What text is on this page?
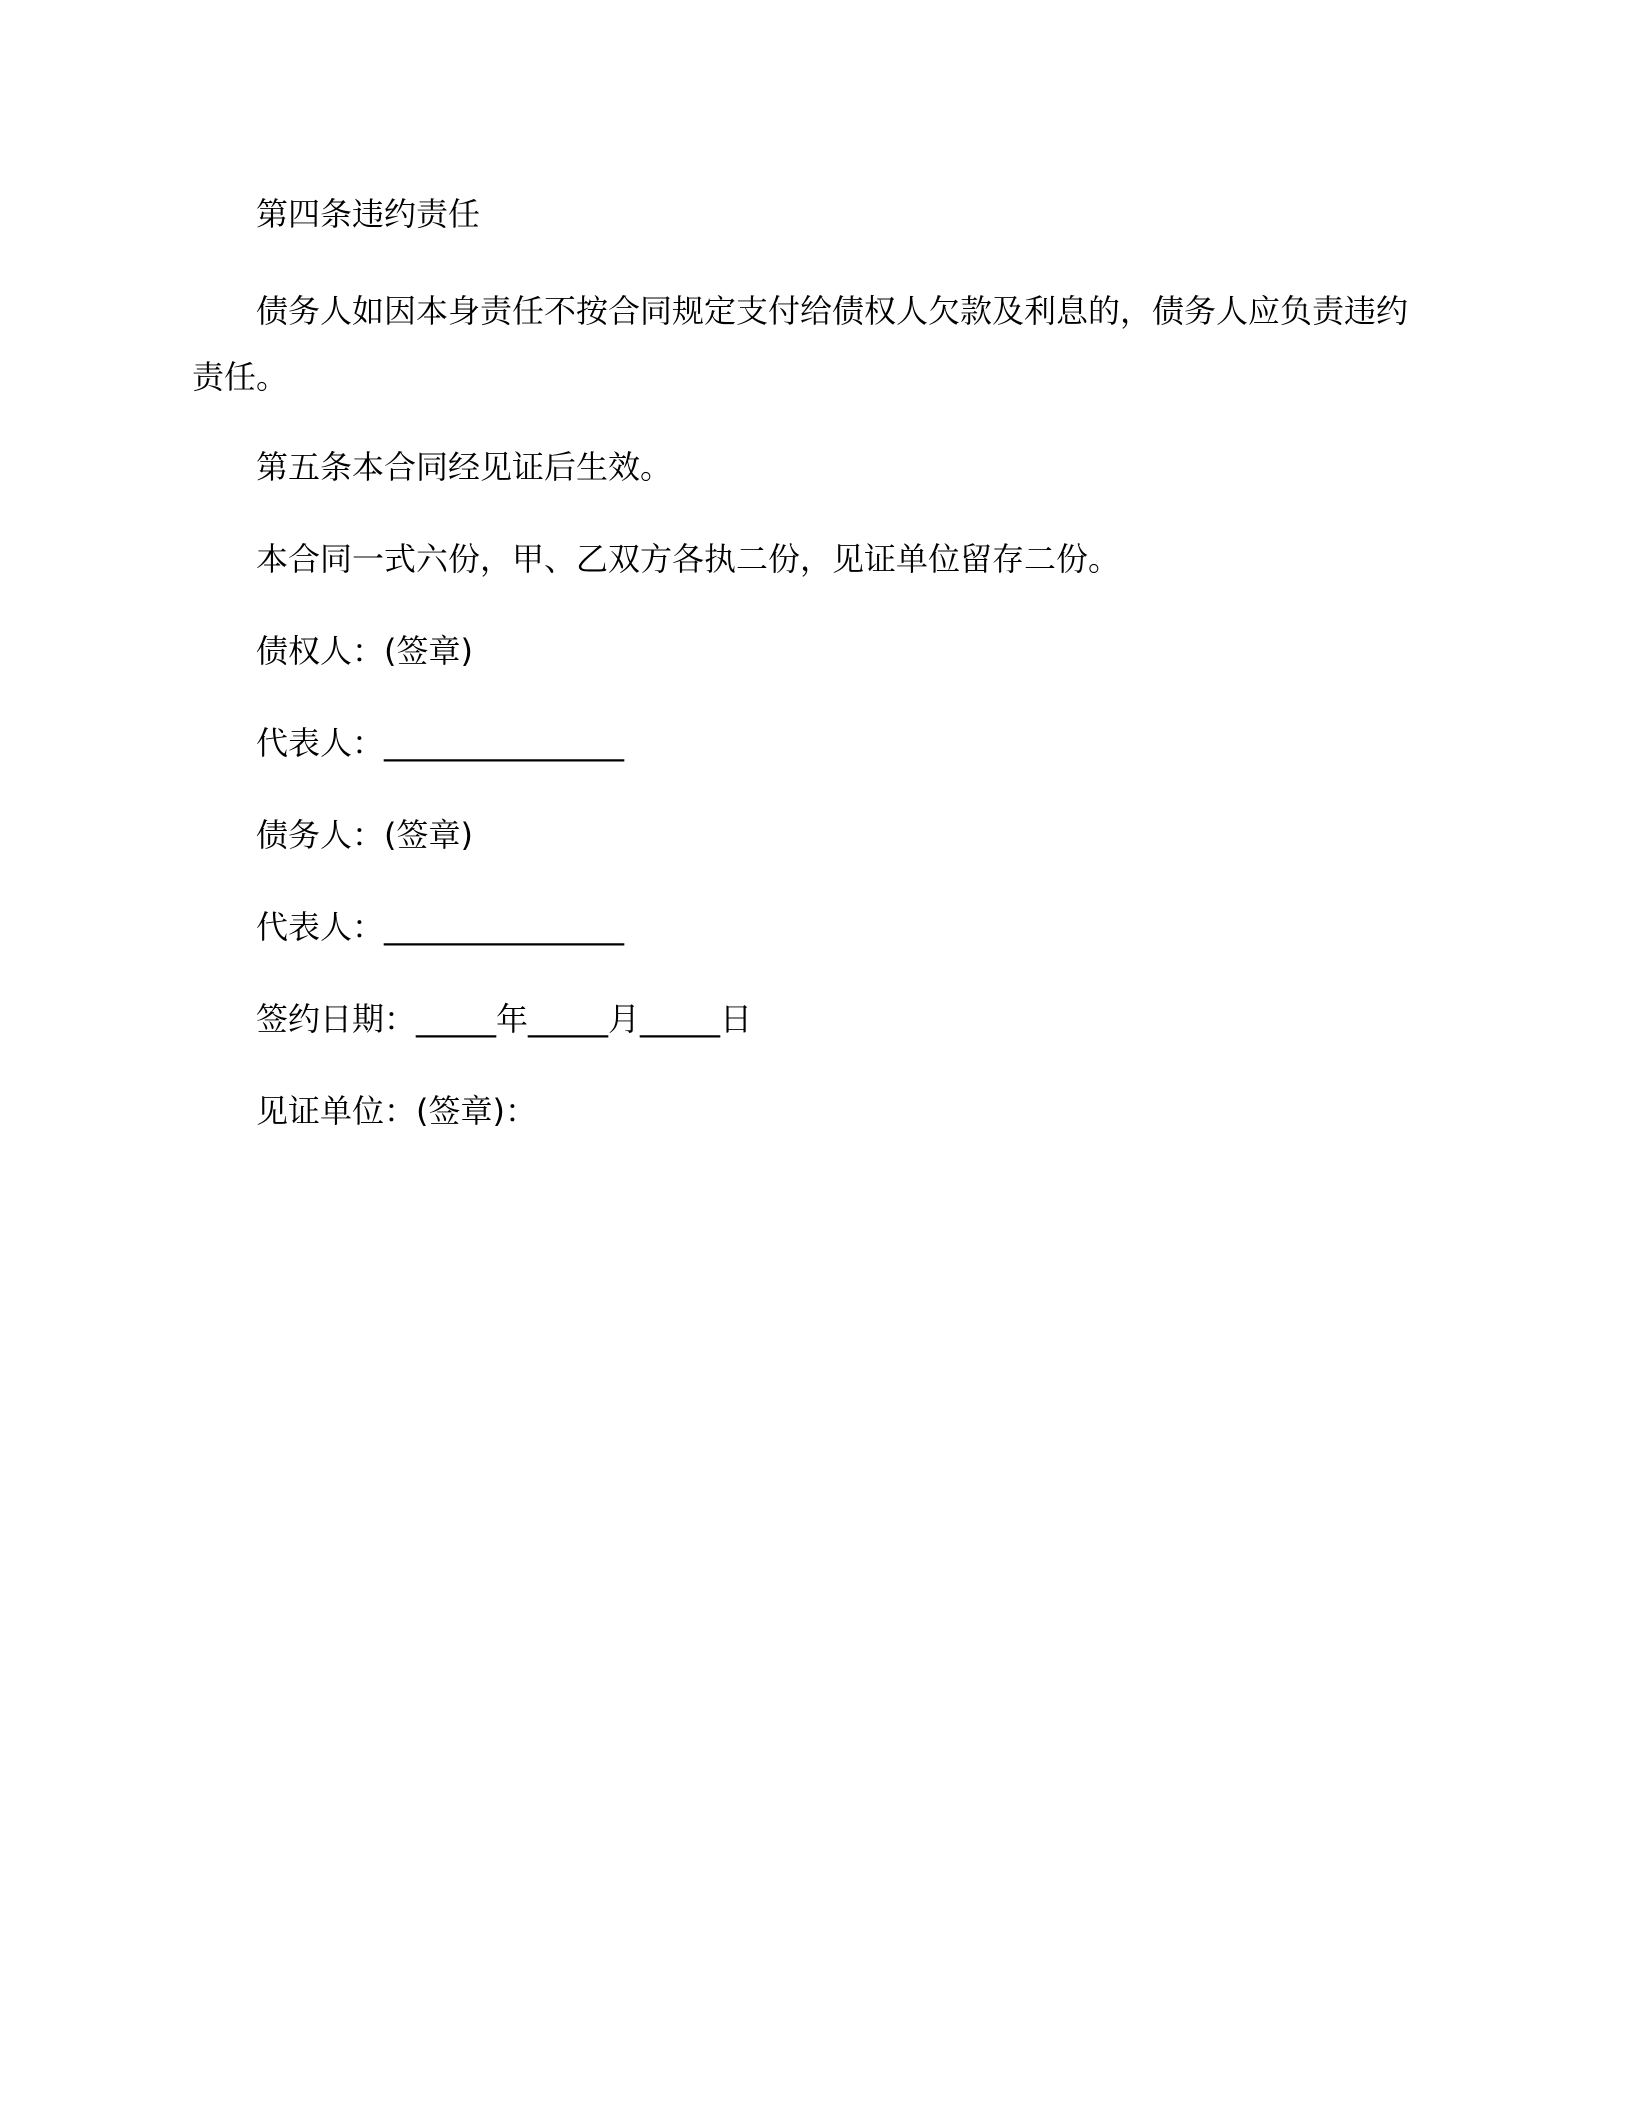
第四条违约责任
债务人如因本身责任不按合同规定支付给债权人欠款及利息的，债务人应负责违约责任。
第五条本合同经见证后生效。
本合同一式六份，甲、乙双方各执二份，见证单位留存二份。
债权人：(签章)
代表人：_______________
债务人：(签章)
代表人：_______________
签约日期：_____年_____月_____日
见证单位：(签章)：
